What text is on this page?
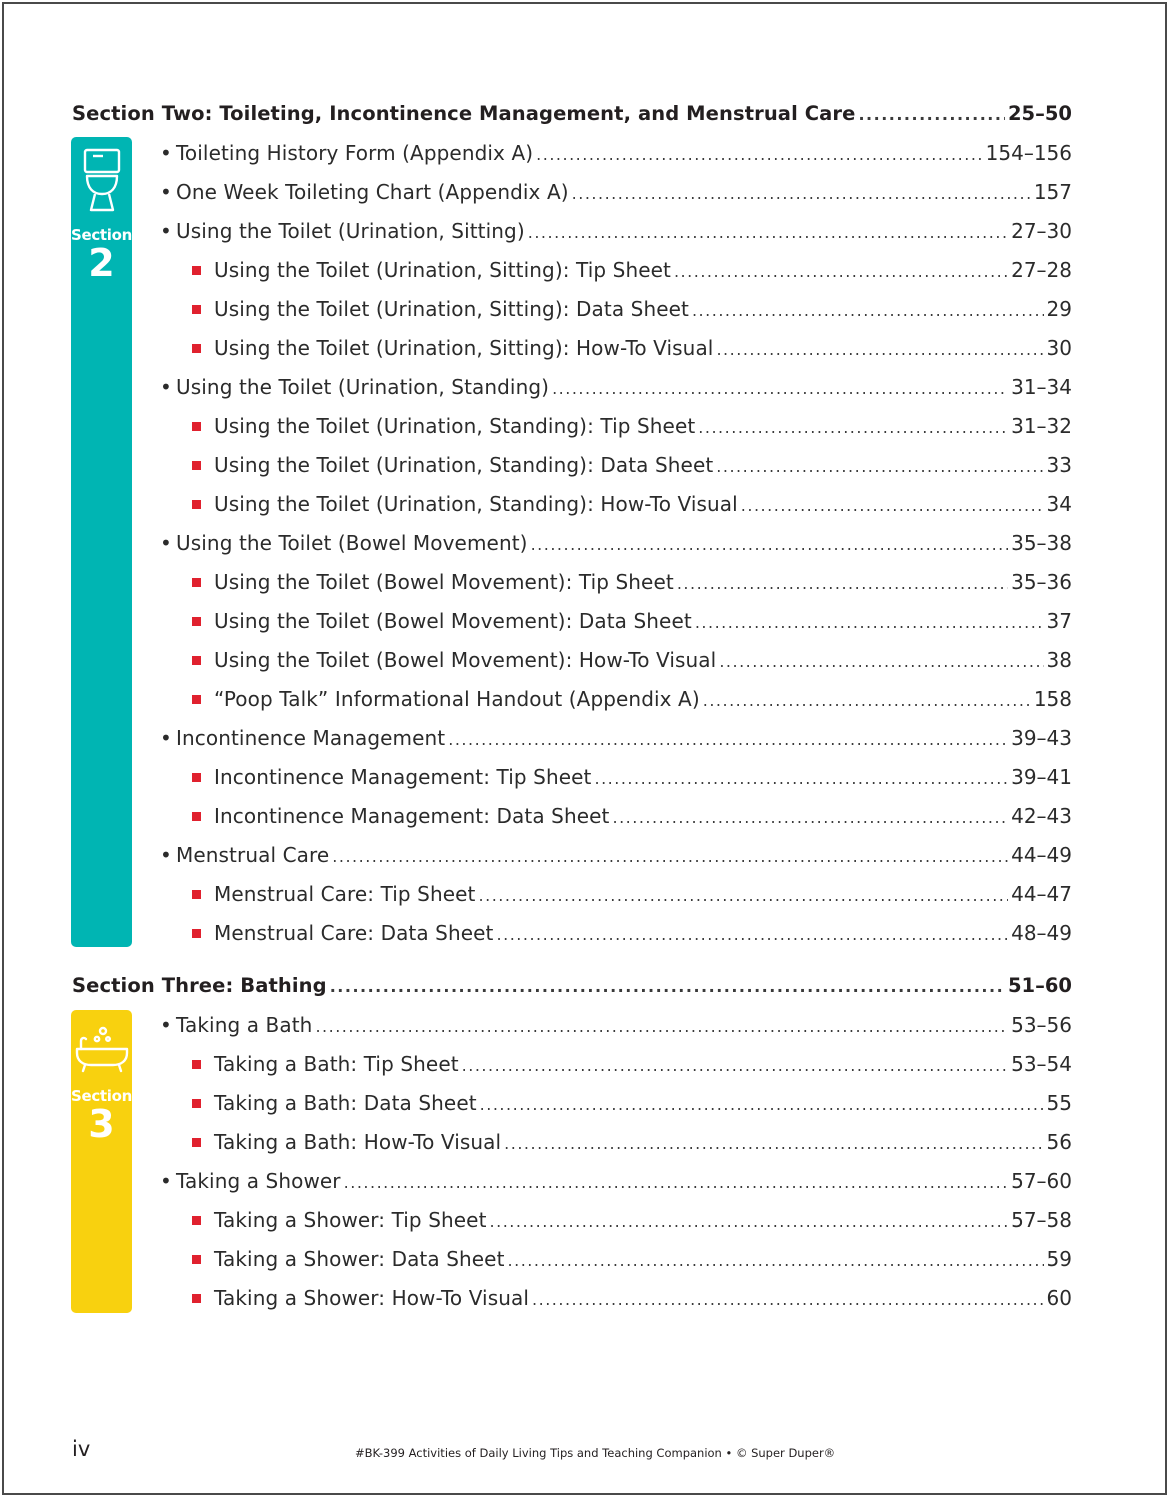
Section Two: Toileting, Incontinence Management, and Menstrual Care .....	25–50
Section
2
• Toileting History Form (Appendix A) .....	154–156
• One Week Toileting Chart (Appendix A) .....	157
• Using the Toilet (Urination, Sitting) .....	27–30
Using the Toilet (Urination, Sitting): Tip Sheet .....	27–28
Using the Toilet (Urination, Sitting): Data Sheet .....	29
Using the Toilet (Urination, Sitting): How-To Visual .....	30
• Using the Toilet (Urination, Standing) .....	31–34
Using the Toilet (Urination, Standing): Tip Sheet .....	31–32
Using the Toilet (Urination, Standing): Data Sheet .....	33
Using the Toilet (Urination, Standing): How-To Visual .....	34
• Using the Toilet (Bowel Movement) .....	35–38
Using the Toilet (Bowel Movement): Tip Sheet .....	35–36
Using the Toilet (Bowel Movement): Data Sheet .....	37
Using the Toilet (Bowel Movement): How-To Visual .....	38
“Poop Talk” Informational Handout (Appendix A) .....	158
• Incontinence Management .....	39–43
Incontinence Management: Tip Sheet .....	39–41
Incontinence Management: Data Sheet .....	42–43
• Menstrual Care .....	44–49
Menstrual Care: Tip Sheet .....	44–47
Menstrual Care: Data Sheet .....	48–49
Section Three: Bathing .....	51–60
Section
3
• Taking a Bath .....	53–56
Taking a Bath: Tip Sheet .....	53–54
Taking a Bath: Data Sheet .....	55
Taking a Bath: How-To Visual .....	56
• Taking a Shower .....	57–60
Taking a Shower: Tip Sheet .....	57–58
Taking a Shower: Data Sheet .....	59
Taking a Shower: How-To Visual .....	60
iv	#BK-399 Activities of Daily Living Tips and Teaching Companion • © Super Duper®
